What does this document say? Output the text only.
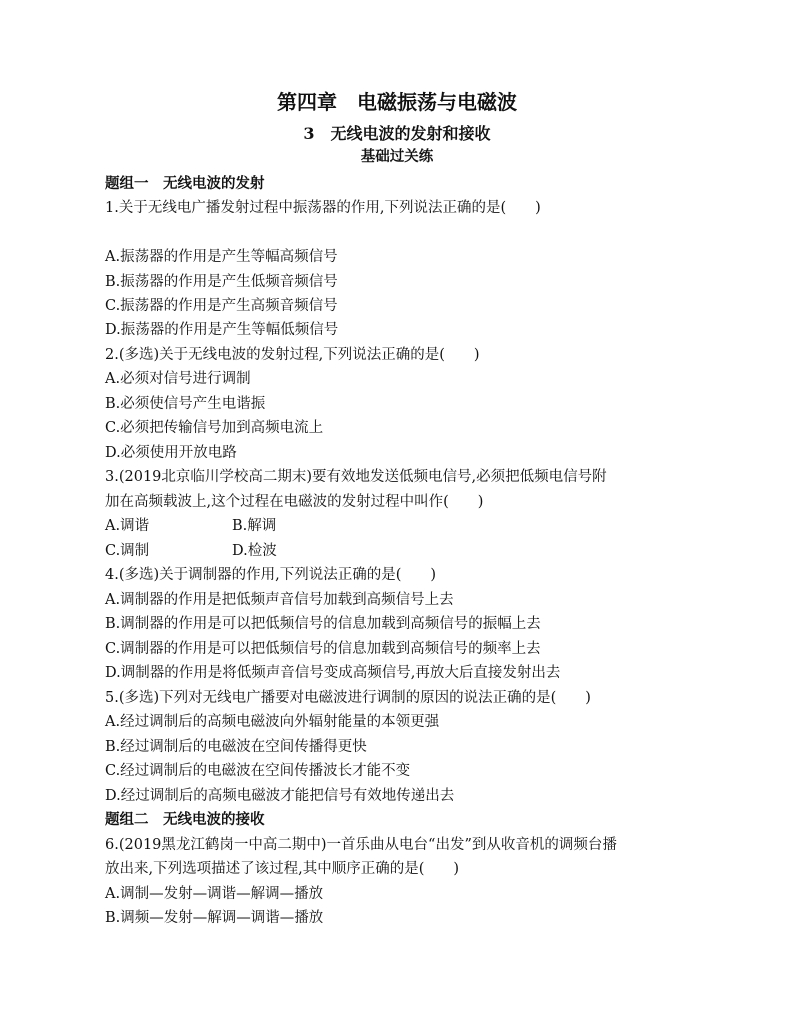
第四章　电磁振荡与电磁波
3　无线电波的发射和接收
基础过关练
题组一　无线电波的发射
1.关于无线电广播发射过程中振荡器的作用,下列说法正确的是(　　)
A.振荡器的作用是产生等幅高频信号
B.振荡器的作用是产生低频音频信号
C.振荡器的作用是产生高频音频信号
D.振荡器的作用是产生等幅低频信号
2.(多选)关于无线电波的发射过程,下列说法正确的是(　　)
A.必须对信号进行调制
B.必须使信号产生电谐振
C.必须把传输信号加到高频电流上
D.必须使用开放电路
3.(2019北京临川学校高二期末)要有效地发送低频电信号,必须把低频电信号附
加在高频载波上,这个过程在电磁波的发射过程中叫作(　　)
A.调谐	B.解调
C.调制	D.检波
4.(多选)关于调制器的作用,下列说法正确的是(　　)
A.调制器的作用是把低频声音信号加载到高频信号上去
B.调制器的作用是可以把低频信号的信息加载到高频信号的振幅上去
C.调制器的作用是可以把低频信号的信息加载到高频信号的频率上去
D.调制器的作用是将低频声音信号变成高频信号,再放大后直接发射出去
5.(多选)下列对无线电广播要对电磁波进行调制的原因的说法正确的是(　　)
A.经过调制后的高频电磁波向外辐射能量的本领更强
B.经过调制后的电磁波在空间传播得更快
C.经过调制后的电磁波在空间传播波长才能不变
D.经过调制后的高频电磁波才能把信号有效地传递出去
题组二　无线电波的接收
6.(2019黑龙江鹤岗一中高二期中)一首乐曲从电台“出发”到从收音机的调频台播
放出来,下列选项描述了该过程,其中顺序正确的是(　　)
A.调制—发射—调谐—解调—播放
B.调频—发射—解调—调谐—播放
